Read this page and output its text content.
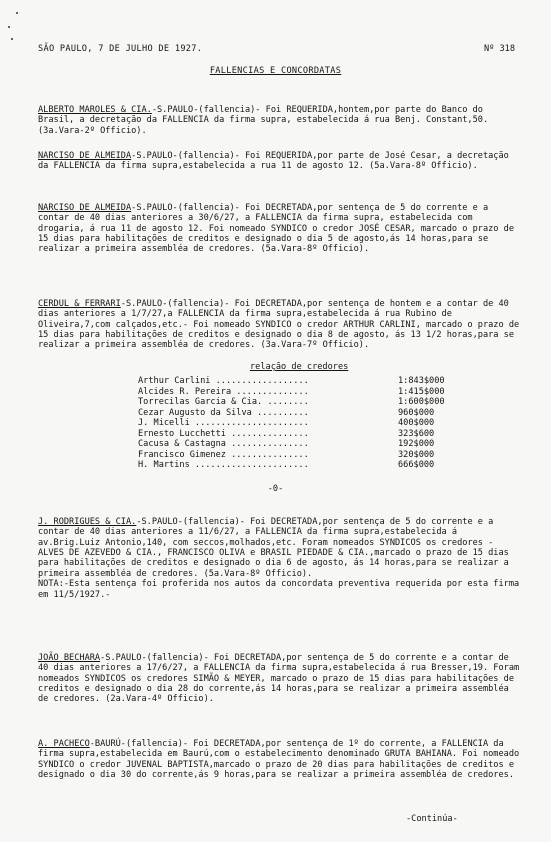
SÃO PAULO, 7 DE JULHO DE 1927.	Nº 318
FALLENCIAS E CONCORDATAS

ALBERTO MAROLES & CIA.-S.PAULO-(fallencia)- Foi REQUERIDA,hontem,por parte do Banco do Brasil, a decretação da FALLENCIA da firma supra, estabelecida á rua Benj. Constant,50. (3a.Vara-2º Officio).

NARCISO DE ALMEIDA-S.PAULO-(fallencia)- Foi REQUERIDA,por parte de José Cesar, a decretação da FALLENCIA da firma supra,estabelecida a rua 11 de agosto 12. (5a.Vara-8º Officio).

NARCISO DE ALMEIDA-S.PAULO-(fallencia)- Foi DECRETADA,por sentença de 5 do corrente e a contar de 40 dias anteriores a 30/6/27, a FALLENCIA da firma supra, estabelecida com drogaria, á rua 11 de agosto 12. Foi nomeado SYNDICO o credor JOSÉ CESAR, marcado o prazo de 15 dias para habilitações de creditos e designado o dia 5 de agosto,ás 14 horas,para se realizar a primeira assembléa de credores. (5a.Vara-8º Officio).

CERDUL & FERRARI-S.PAULO-(fallencia)- Foi DECRETADA,por sentença de hontem e a contar de 40 dias anteriores a 1/7/27,a FALLENCIA da firma supra,estabelecida á rua Rubino de Oliveira,7,com calçados,etc.- Foi nomeado SYNDICO o credor ARTHUR CARLINI, marcado o prazo de 15 dias para habilitações de creditos e designado o dia 8 de agosto, ás 13 1/2 horas,para se realizar a primeira assembléa de credores. (3a.Vara-7º Officio).

relação de credores
Arthur Carlini ..................	1:843$000
Alcides R. Pereira ..............	1:415$000
Torrecilas Garcia & Cia. ........	1:600$000
Cezar Augusto da Silva ..........	960$000
J. Micelli ......................	400$000
Ernesto Lucchetti ...............	323$600
Cacusa & Castagna ...............	192$000
Francisco Gimenez ...............	320$000
H. Martins ......................	666$000
-0-

J. RODRIGUES & CIA.-S.PAULO-(fallencia)- Foi DECRETADA,por sentença de 5 do corrente e a contar de 40 dias anteriores a 11/6/27, a FALLENCIA da firma supra,estabelecida á av.Brig.Luiz Antonio,140, com seccos,molhados,etc. Foram nomeados SYNDICOS os credores - ALVES DE AZEVEDO & CIA., FRANCISCO OLIVA e BRASIL PIEDADE & CIA.,marcado o prazo de 15 dias para habilitações de creditos e designado o dia 6 de agosto, ás 14 horas,para se realizar a primeira assembléa de credores. (5a.Vara-8º Officio).
NOTA:-Esta sentença foi proferida nos autos da concordata preventiva requerida por esta firma em 11/5/1927.-

JOÃO BECHARA-S.PAULO-(fallencia)- Foi DECRETADA,por sentença de 5 do corrente e a contar de 40 dias anteriores a 17/6/27, a FALLENCIA da firma supra,estabelecida á rua Bresser,19. Foram nomeados SYNDICOS os credores SIMÃO & MEYER, marcado o prazo de 15 dias para habilitações de creditos e designado o dia 28 do corrente,ás 14 horas,para se realizar a primeira assembléa de credores. (2a.Vara-4º Officio).

A. PACHECO-BAURÚ-(fallencia)- Foi DECRETADA,por sentença de 1º do corrente, a FALLENCIA da firma supra,estabelecida em Baurú,com o estabelecimento denominado GRUTA BAHIANA. Foi nomeado SYNDICO o credor JUVENAL BAPTISTA,marcado o prazo de 20 dias para habilitações de creditos e designado o dia 30 do corrente,ás 9 horas,para se realizar a primeira assembléa de credores.

-Continúa-
